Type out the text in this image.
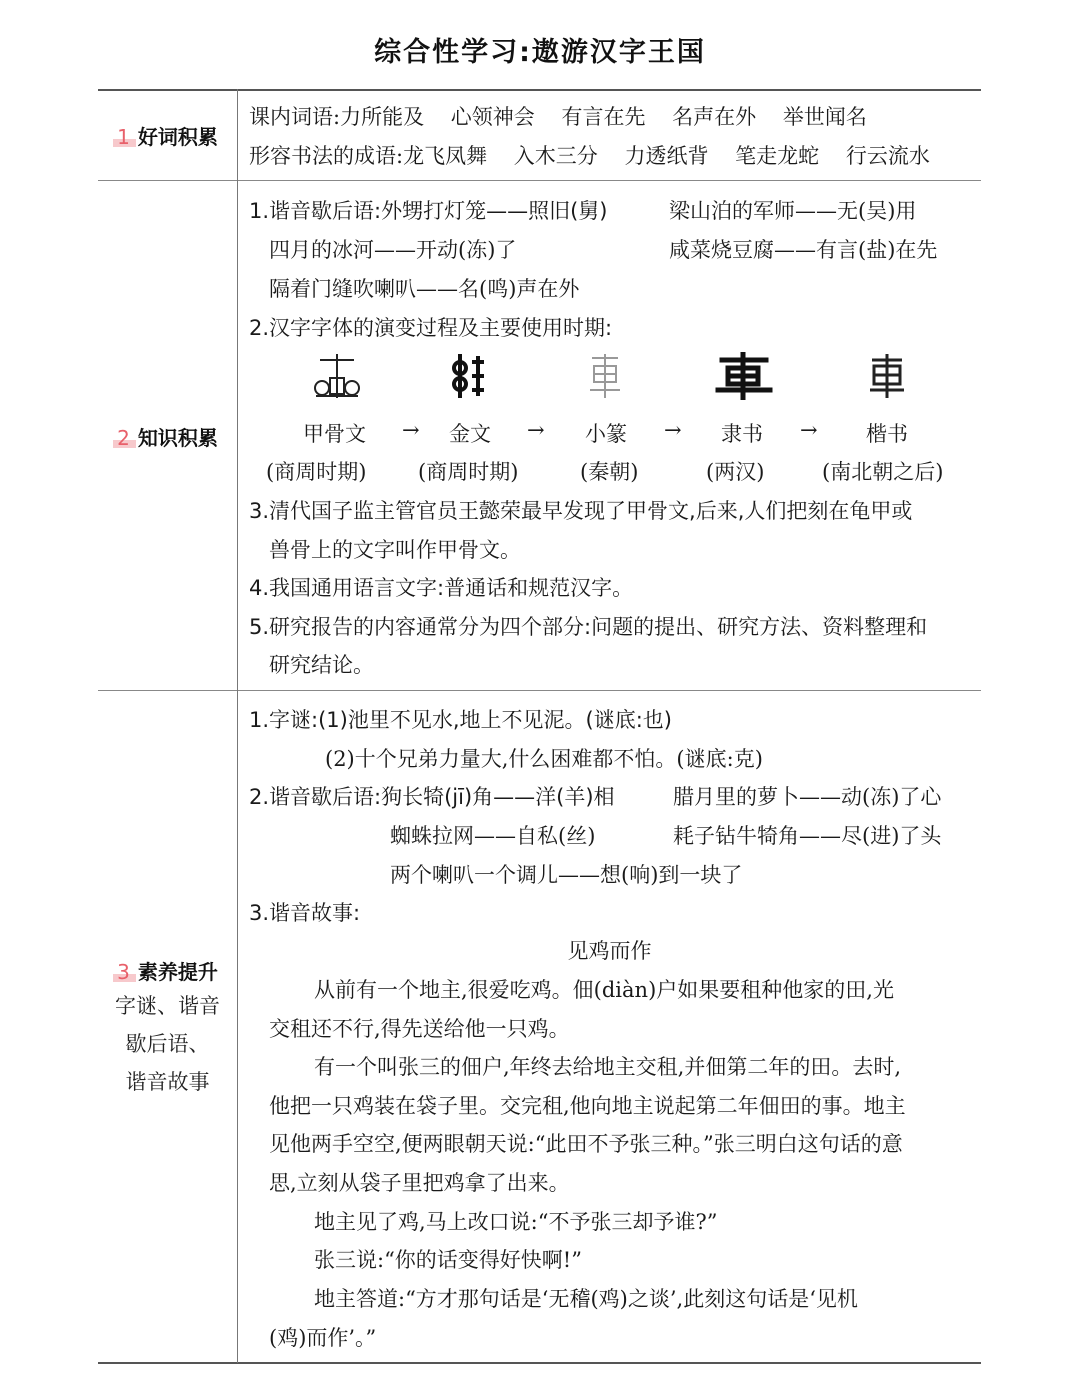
综合性学习:遨游汉字王国
1 好词积累
课内词语:力所能及    心领神会    有言在先    名声在外    举世闻名
形容书法的成语:龙飞凤舞    入木三分    力透纸背    笔走龙蛇    行云流水
2 知识积累
1.谐音歇后语:外甥打灯笼——照旧(舅)	梁山泊的军师——无(吴)用
四月的冰河——开动(冻)了	咸菜烧豆腐——有言(盐)在先
隔着门缝吹喇叭——名(鸣)声在外
2.汉字字体的演变过程及主要使用时期:
甲骨文 → 金文 → 小篆 → 隶书 → 楷书
(商周时期) (商周时期)	(秦朝)	(两汉)	(南北朝之后)
3.清代国子监主管官员王懿荣最早发现了甲骨文,后来,人们把刻在龟甲或
兽骨上的文字叫作甲骨文。
4.我国通用语言文字:普通话和规范汉字。
5.研究报告的内容通常分为四个部分:问题的提出、研究方法、资料整理和
研究结论。
3 素养提升
字谜、谐音
歇后语、
谐音故事
1.字谜:(1)池里不见水,地上不见泥。(谜底:也)
(2)十个兄弟力量大,什么困难都不怕。(谜底:克)
2.谐音歇后语:狗长犄(jī)角——洋(羊)相	腊月里的萝卜——动(冻)了心
蜘蛛拉网——自私(丝)	耗子钻牛犄角——尽(进)了头
两个喇叭一个调儿——想(响)到一块了
3.谐音故事:
见鸡而作
从前有一个地主,很爱吃鸡。佃(diàn)户如果要租种他家的田,光
交租还不行,得先送给他一只鸡。
有一个叫张三的佃户,年终去给地主交租,并佃第二年的田。去时,
他把一只鸡装在袋子里。交完租,他向地主说起第二年佃田的事。地主
见他两手空空,便两眼朝天说:“此田不予张三种。”张三明白这句话的意
思,立刻从袋子里把鸡拿了出来。
地主见了鸡,马上改口说:“不予张三却予谁?”
张三说:“你的话变得好快啊!”
地主答道:“方才那句话是‘无稽(鸡)之谈’,此刻这句话是‘见机
(鸡)而作’。”
